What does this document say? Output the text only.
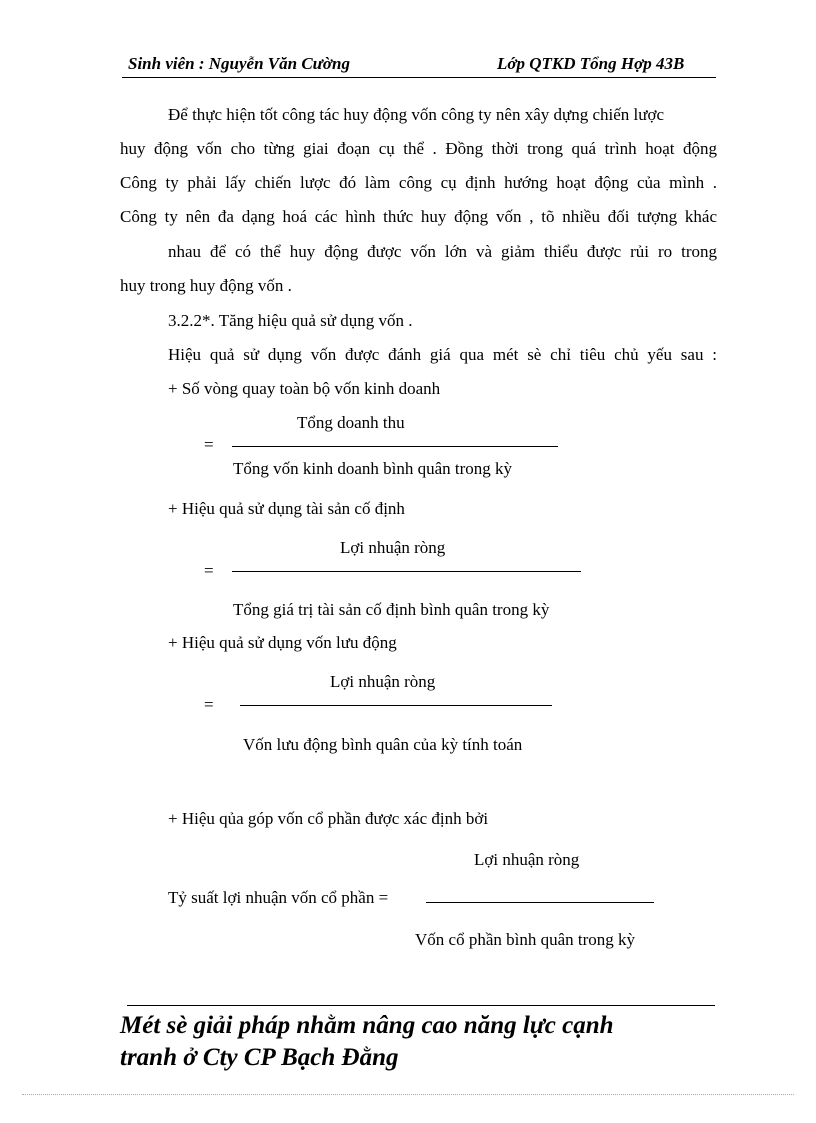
Sinh viên : Nguyễn Văn Cường	Lớp QTKD Tổng Hợp 43B
Để thực hiện tốt công tác huy động vốn công ty nên xây dựng chiến lược
huy động vốn cho từng giai đoạn cụ thể . Đồng thời trong quá trình hoạt động
Công ty phải lấy chiến lược đó làm công cụ định hướng hoạt động của mình .
Công ty nên đa dạng hoá các hình thức huy động vốn , tõ nhiều đối tượng khác
nhau để có thể huy động được vốn lớn và giảm thiểu được rủi ro trong
huy trong huy động vốn .
3.2.2*. Tăng hiệu quả sử dụng vốn .
Hiệu quả sử dụng vốn được đánh giá qua mét sè chỉ tiêu chủ yếu sau :
+ Số vòng quay toàn bộ vốn kinh doanh
Tổng doanh thu
=
Tổng vốn kinh doanh bình quân trong kỳ
+ Hiệu quả sử dụng tài sản cố định
Lợi nhuận ròng
=
Tổng giá trị tài sản cố định bình quân trong kỳ
+ Hiệu quả sử dụng vốn lưu động
Lợi nhuận ròng
=
Vốn lưu động bình quân của kỳ tính toán
+ Hiệu qủa góp vốn cổ phần được xác định bởi
Lợi nhuận ròng
Tỷ suất lợi nhuận vốn cổ phần =
Vốn cổ phần bình quân trong kỳ
Mét sè giải pháp nhằm nâng cao năng lực cạnh
tranh ở Cty CP Bạch Đằng
